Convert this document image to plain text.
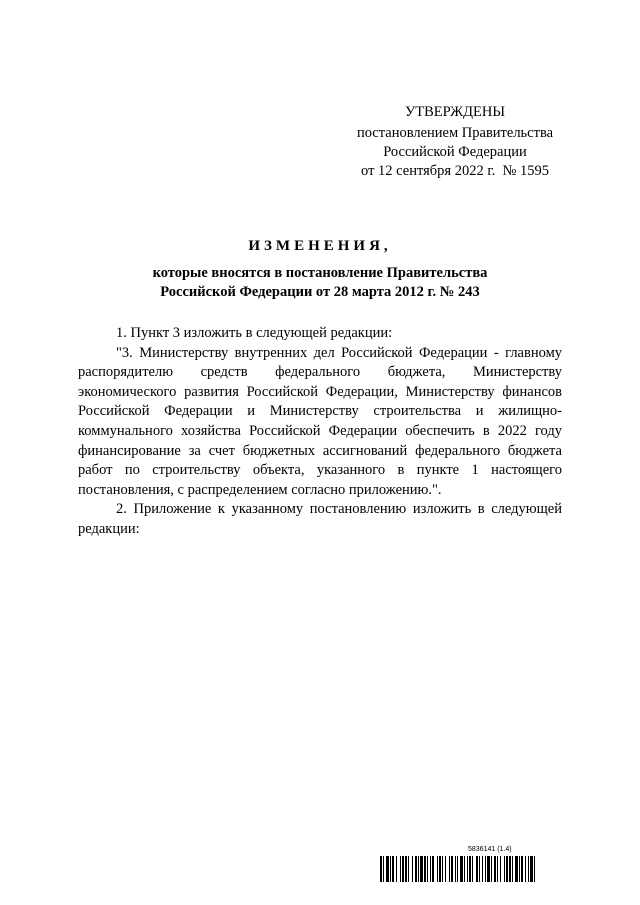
УТВЕРЖДЕНЫ
постановлением Правительства
Российской Федерации
от 12 сентября 2022 г.  № 1595
ИЗМЕНЕНИЯ,
которые вносятся в постановление Правительства
Российской Федерации от 28 марта 2012 г. № 243

1. Пункт 3 изложить в следующей редакции:

"3. Министерству внутренних дел Российской Федерации - главному распорядителю средств федерального бюджета, Министерству экономического развития Российской Федерации, Министерству финансов Российской Федерации и Министерству строительства и жилищно-коммунального хозяйства Российской Федерации обеспечить в 2022 году финансирование за счет бюджетных ассигнований федерального бюджета работ по строительству объекта, указанного в пункте 1 настоящего постановления, с распределением согласно приложению.".

2. Приложение к указанному постановлению изложить в следующей редакции:

5836141 (1.4)
